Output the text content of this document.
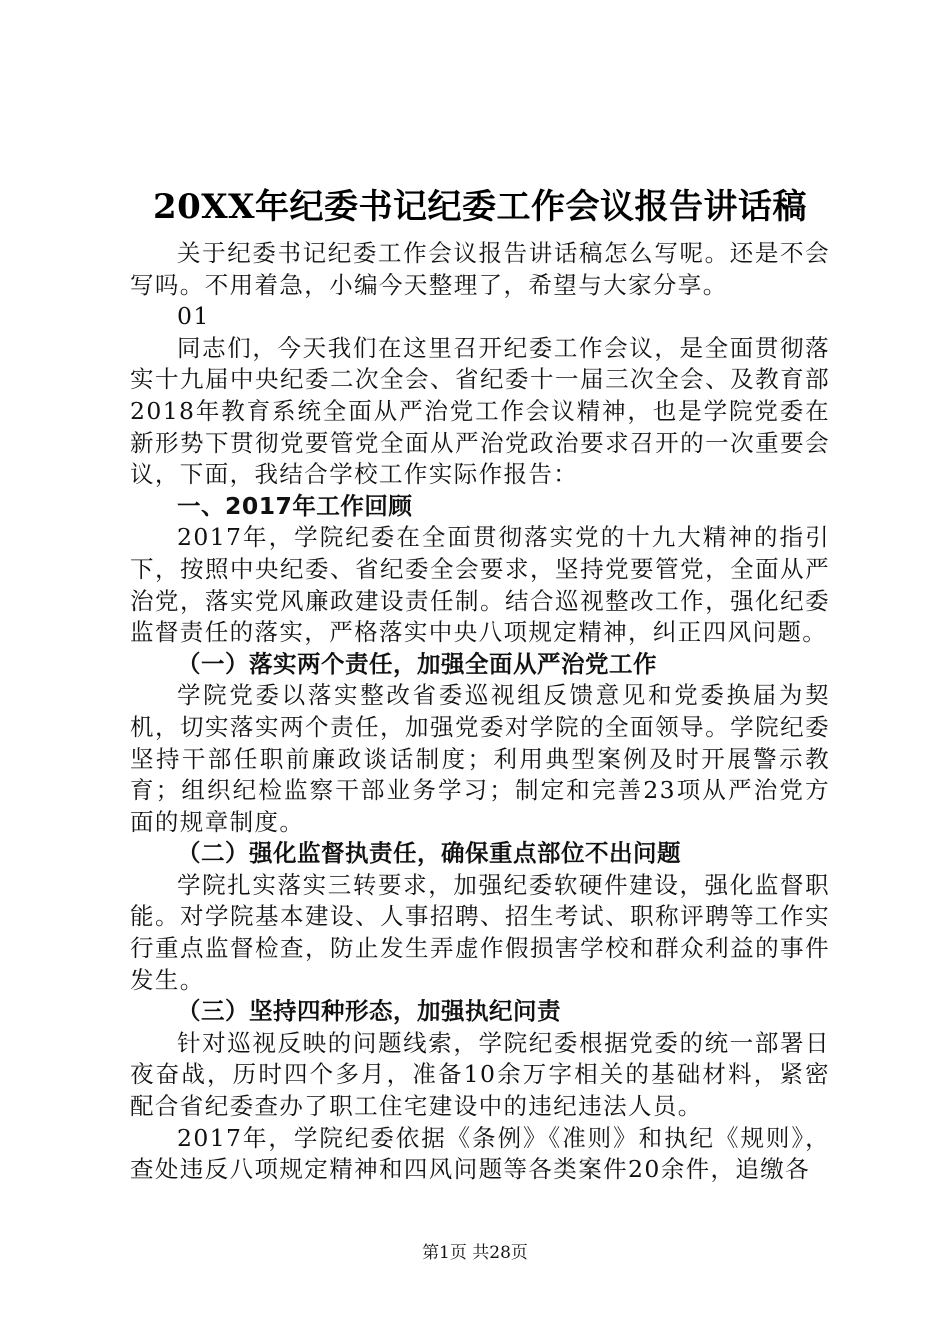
20XX年纪委书记纪委工作会议报告讲话稿

关于纪委书记纪委工作会议报告讲话稿怎么写呢。还是不会写吗。不用着急，小编今天整理了，希望与大家分享。

01

同志们，今天我们在这里召开纪委工作会议，是全面贯彻落实十九届中央纪委二次全会、省纪委十一届三次全会、及教育部2018年教育系统全面从严治党工作会议精神，也是学院党委在新形势下贯彻党要管党全面从严治党政治要求召开的一次重要会议，下面，我结合学校工作实际作报告：

一、2017年工作回顾

2017年，学院纪委在全面贯彻落实党的十九大精神的指引下，按照中央纪委、省纪委全会要求，坚持党要管党，全面从严治党，落实党风廉政建设责任制。结合巡视整改工作，强化纪委监督责任的落实，严格落实中央八项规定精神，纠正四风问题。

（一）落实两个责任，加强全面从严治党工作

学院党委以落实整改省委巡视组反馈意见和党委换届为契机，切实落实两个责任，加强党委对学院的全面领导。学院纪委坚持干部任职前廉政谈话制度；利用典型案例及时开展警示教育；组织纪检监察干部业务学习；制定和完善23项从严治党方面的规章制度。

（二）强化监督执责任，确保重点部位不出问题

学院扎实落实三转要求，加强纪委软硬件建设，强化监督职能。对学院基本建设、人事招聘、招生考试、职称评聘等工作实行重点监督检查，防止发生弄虚作假损害学校和群众利益的事件发生。

（三）坚持四种形态，加强执纪问责

针对巡视反映的问题线索，学院纪委根据党委的统一部署日夜奋战，历时四个多月，准备10余万字相关的基础材料，紧密配合省纪委查办了职工住宅建设中的违纪违法人员。

2017年，学院纪委依据《条例》《准则》和执纪《规则》，查处违反八项规定精神和四风问题等各类案件20余件，追缴各

第1页 共28页
